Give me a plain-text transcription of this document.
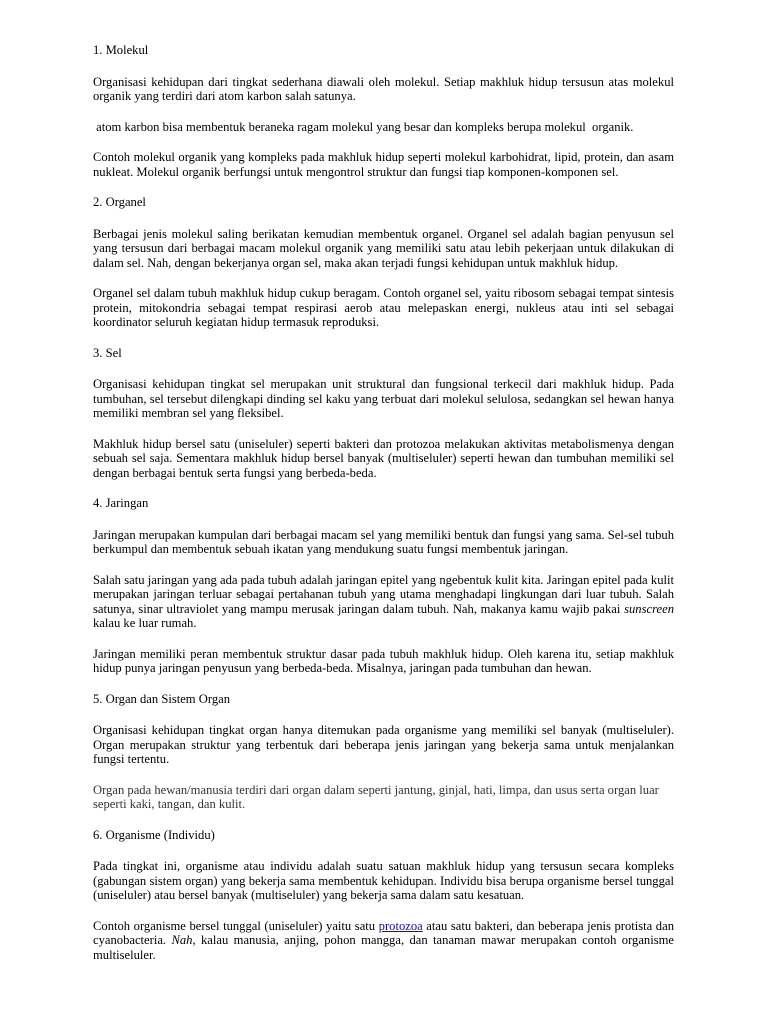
1. Molekul

Organisasi kehidupan dari tingkat sederhana diawali oleh molekul. Setiap makhluk hidup tersusun atas molekul organik yang terdiri dari atom karbon salah satunya.

atom karbon bisa membentuk beraneka ragam molekul yang besar dan kompleks berupa molekul  organik.

Contoh molekul organik yang kompleks pada makhluk hidup seperti molekul karbohidrat, lipid, protein, dan asam nukleat. Molekul organik berfungsi untuk mengontrol struktur dan fungsi tiap komponen-komponen sel.

2. Organel

Berbagai jenis molekul saling berikatan kemudian membentuk organel. Organel sel adalah bagian penyusun sel yang tersusun dari berbagai macam molekul organik yang memiliki satu atau lebih pekerjaan untuk dilakukan di dalam sel. Nah, dengan bekerjanya organ sel, maka akan terjadi fungsi kehidupan untuk makhluk hidup.

Organel sel dalam tubuh makhluk hidup cukup beragam. Contoh organel sel, yaitu ribosom sebagai tempat sintesis protein, mitokondria sebagai tempat respirasi aerob atau melepaskan energi, nukleus atau inti sel sebagai koordinator seluruh kegiatan hidup termasuk reproduksi.

3. Sel

Organisasi kehidupan tingkat sel merupakan unit struktural dan fungsional terkecil dari makhluk hidup. Pada tumbuhan, sel tersebut dilengkapi dinding sel kaku yang terbuat dari molekul selulosa, sedangkan sel hewan hanya memiliki membran sel yang fleksibel.

Makhluk hidup bersel satu (uniseluler) seperti bakteri dan protozoa melakukan aktivitas metabolismenya dengan sebuah sel saja. Sementara makhluk hidup bersel banyak (multiseluler) seperti hewan dan tumbuhan memiliki sel dengan berbagai bentuk serta fungsi yang berbeda-beda.

4. Jaringan

Jaringan merupakan kumpulan dari berbagai macam sel yang memiliki bentuk dan fungsi yang sama. Sel-sel tubuh berkumpul dan membentuk sebuah ikatan yang mendukung suatu fungsi membentuk jaringan.

Salah satu jaringan yang ada pada tubuh adalah jaringan epitel yang ngebentuk kulit kita. Jaringan epitel pada kulit merupakan jaringan terluar sebagai pertahanan tubuh yang utama menghadapi lingkungan dari luar tubuh. Salah satunya, sinar ultraviolet yang mampu merusak jaringan dalam tubuh. Nah, makanya kamu wajib pakai sunscreen kalau ke luar rumah.

Jaringan memiliki peran membentuk struktur dasar pada tubuh makhluk hidup. Oleh karena itu, setiap makhluk hidup punya jaringan penyusun yang berbeda-beda. Misalnya, jaringan pada tumbuhan dan hewan.

5. Organ dan Sistem Organ

Organisasi kehidupan tingkat organ hanya ditemukan pada organisme yang memiliki sel banyak (multiseluler). Organ merupakan struktur yang terbentuk dari beberapa jenis jaringan yang bekerja sama untuk menjalankan fungsi tertentu.

Organ pada hewan/manusia terdiri dari organ dalam seperti jantung, ginjal, hati, limpa, dan usus serta organ luar seperti kaki, tangan, dan kulit.

6. Organisme (Individu)

Pada tingkat ini, organisme atau individu adalah suatu satuan makhluk hidup yang tersusun secara kompleks (gabungan sistem organ) yang bekerja sama membentuk kehidupan. Individu bisa berupa organisme bersel tunggal (uniseluler) atau bersel banyak (multiseluler) yang bekerja sama dalam satu kesatuan.

Contoh organisme bersel tunggal (uniseluler) yaitu satu protozoa atau satu bakteri, dan beberapa jenis protista dan cyanobacteria. Nah, kalau manusia, anjing, pohon mangga, dan tanaman mawar merupakan contoh organisme multiseluler.
